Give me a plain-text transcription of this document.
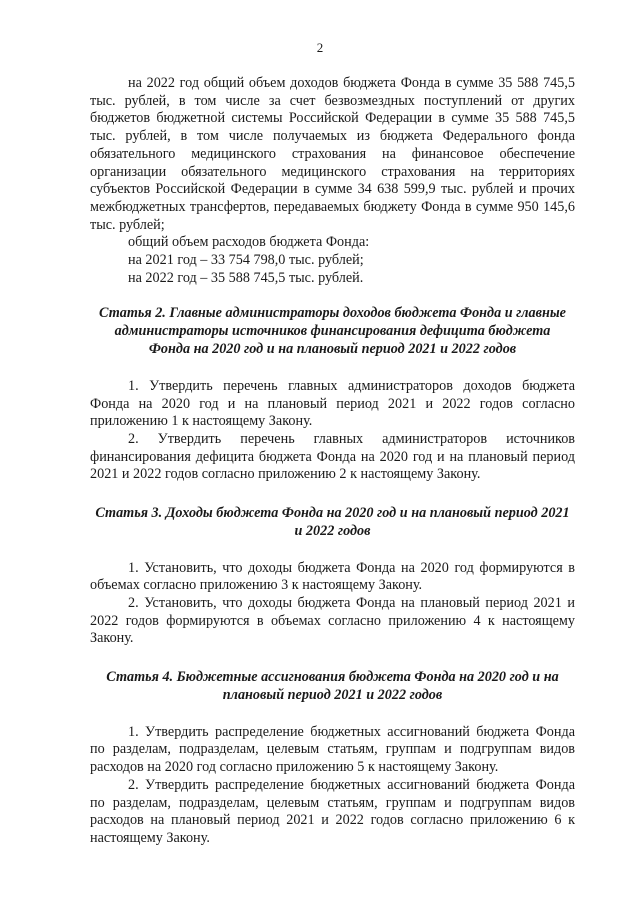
2

на 2022 год общий объем доходов бюджета Фонда в сумме 35 588 745,5 тыс. рублей, в том числе за счет безвозмездных поступлений от других бюджетов бюджетной системы Российской Федерации в сумме 35 588 745,5 тыс. рублей, в том числе получаемых из бюджета Федерального фонда обязательного медицинского страхования на финансовое обеспечение организации обязательного медицинского страхования на территориях субъектов Российской Федерации в сумме 34 638 599,9 тыс. рублей и прочих межбюджетных трансфертов, передаваемых бюджету Фонда в сумме 950 145,6 тыс. рублей;

общий объем расходов бюджета Фонда:

на 2021 год – 33 754 798,0 тыс. рублей;

на 2022 год – 35 588 745,5 тыс. рублей.

Статья 2. Главные администраторы доходов бюджета Фонда и главные администраторы источников финансирования дефицита бюджета Фонда на 2020 год и на плановый период 2021 и 2022 годов

1. Утвердить перечень главных администраторов доходов бюджета Фонда на 2020 год и на плановый период 2021 и 2022 годов согласно приложению 1 к настоящему Закону.

2. Утвердить перечень главных администраторов источников финансирования дефицита бюджета Фонда на 2020 год и на плановый период 2021 и 2022 годов согласно приложению 2 к настоящему Закону.

Статья 3. Доходы бюджета Фонда на 2020 год и на плановый период 2021 и 2022 годов

1. Установить, что доходы бюджета Фонда на 2020 год формируются в объемах согласно приложению 3 к настоящему Закону.

2. Установить, что доходы бюджета Фонда на плановый период 2021 и 2022 годов формируются в объемах согласно приложению 4 к настоящему Закону.

Статья 4. Бюджетные ассигнования бюджета Фонда на 2020 год и на плановый период 2021 и 2022 годов

1. Утвердить распределение бюджетных ассигнований бюджета Фонда по разделам, подразделам, целевым статьям, группам и подгруппам видов расходов на 2020 год согласно приложению 5 к настоящему Закону.

2. Утвердить распределение бюджетных ассигнований бюджета Фонда по разделам, подразделам, целевым статьям, группам и подгруппам видов расходов на плановый период 2021 и 2022 годов согласно приложению 6 к настоящему Закону.
